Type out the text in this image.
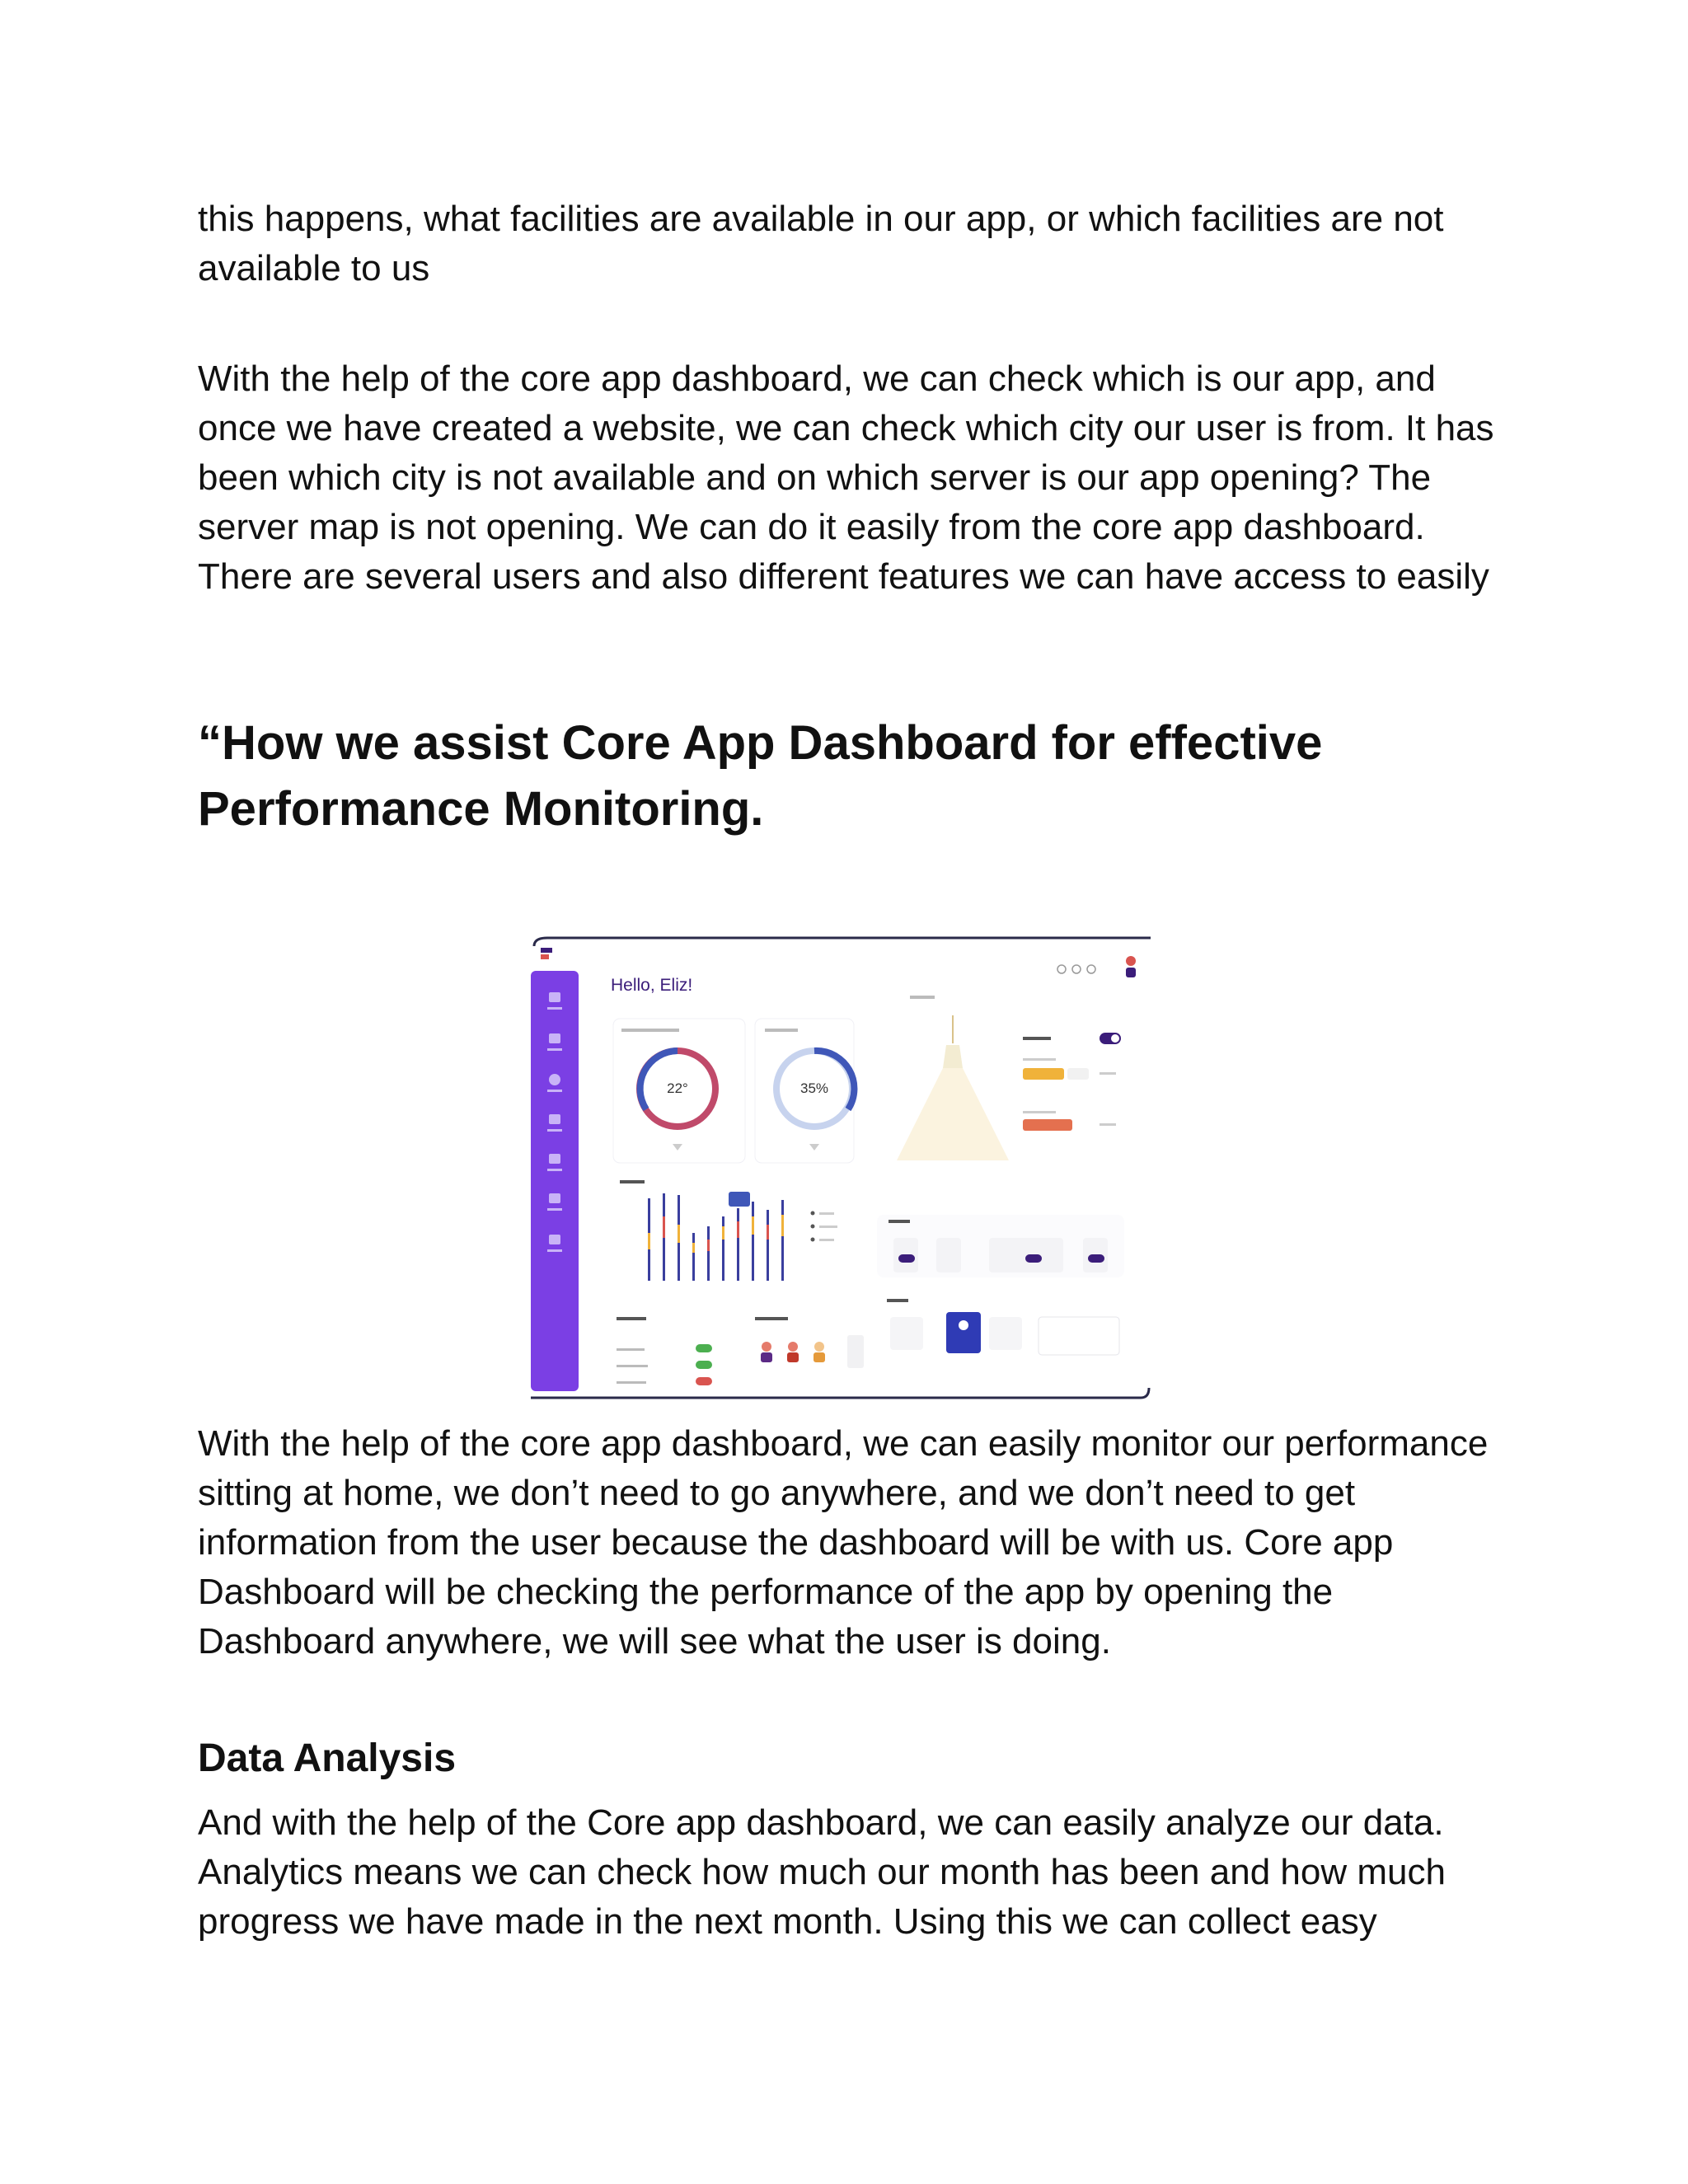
this happens, what facilities are available in our app, or which facilities are not available to us

With the help of the core app dashboard, we can check which is our app, and once we have created a website, we can check which city our user is from. It has been which city is not available and on which server is our app opening? The server map is not opening. We can do it easily from the core app dashboard. There are several users and also different features we can have access to easily

“How we assist Core App Dashboard for effective Performance Monitoring.
Hello, Eliz!
22°	35%

With the help of the core app dashboard, we can easily monitor our performance sitting at home, we don’t need to go anywhere, and we don’t need to get information from the user because the dashboard will be with us. Core app Dashboard will be checking the performance of the app by opening the Dashboard anywhere, we will see what the user is doing.

Data Analysis

And with the help of the Core app dashboard, we can easily analyze our data. Analytics means we can check how much our month has been and how much progress we have made in the next month. Using this we can collect easy
